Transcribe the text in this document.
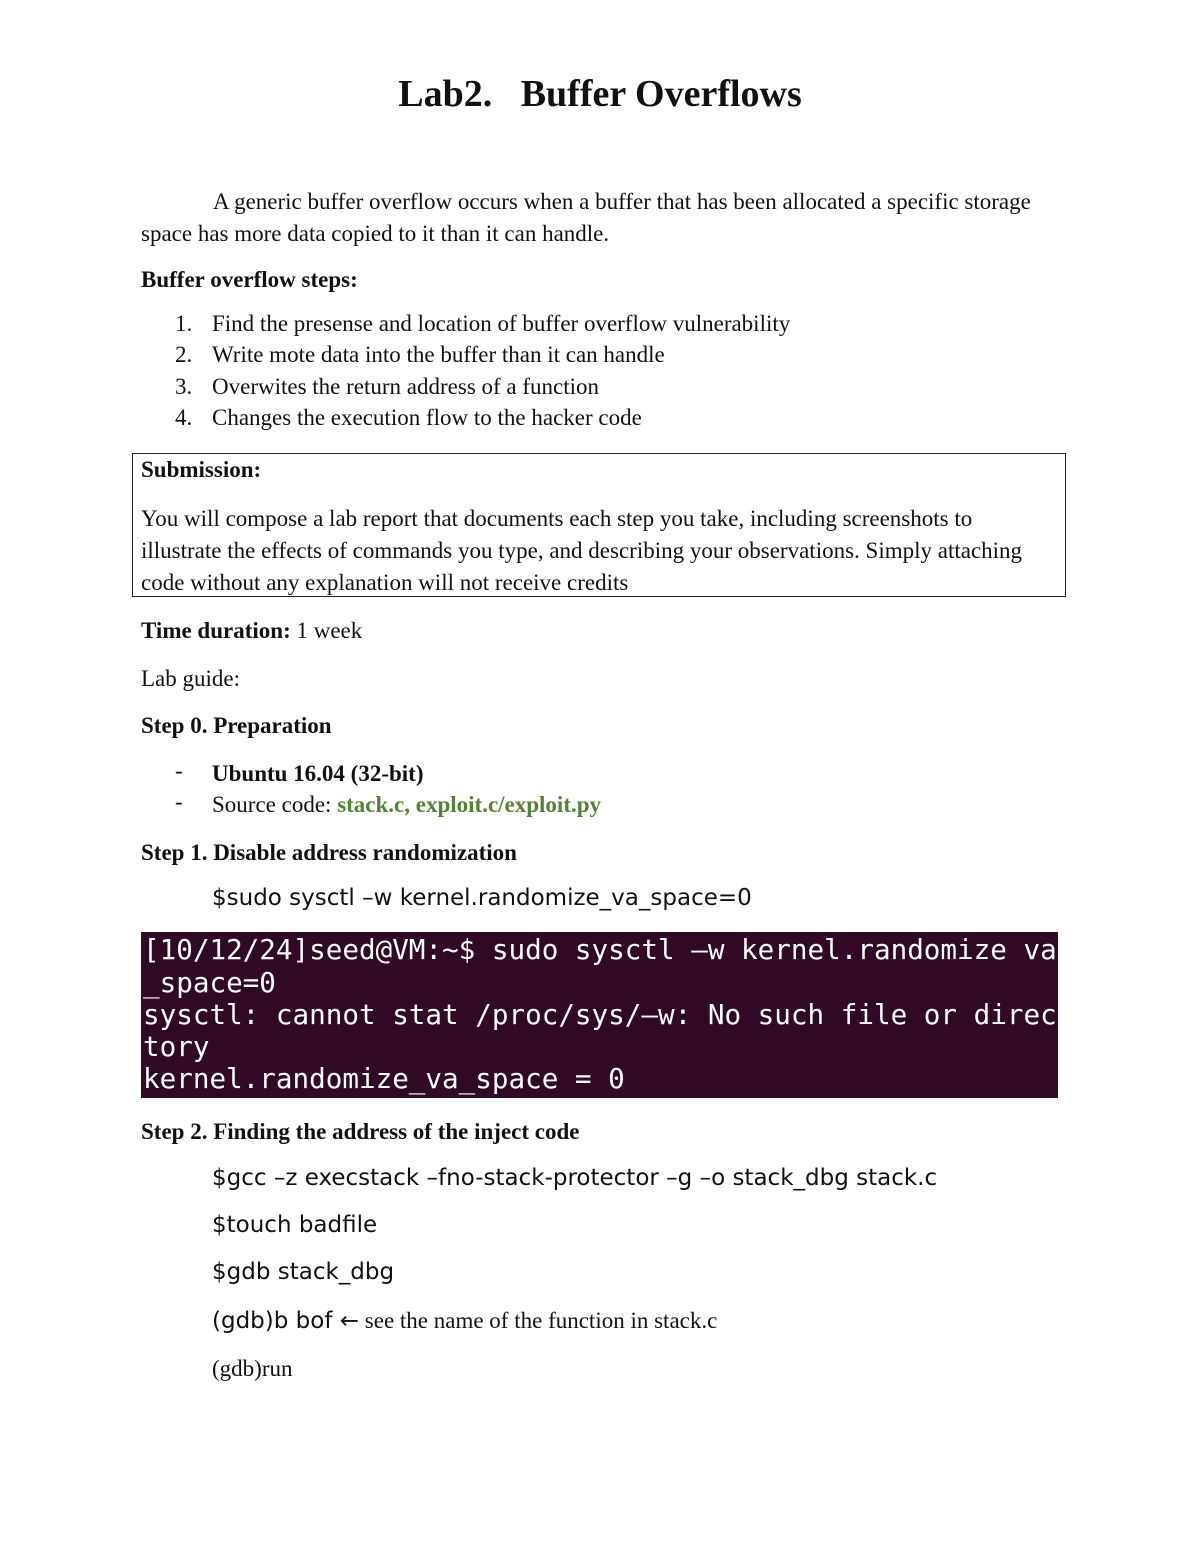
Lab2.   Buffer Overflows
A generic buffer overflow occurs when a buffer that has been allocated a specific storage space has more data copied to it than it can handle.
Buffer overflow steps:
1. Find the presense and location of buffer overflow vulnerability
2. Write mote data into the buffer than it can handle
3. Overwites the return address of a function
4. Changes the execution flow to the hacker code
Submission:
You will compose a lab report that documents each step you take, including screenshots to illustrate the effects of commands you type, and describing your observations. Simply attaching code without any explanation will not receive credits
Time duration: 1 week
Lab guide:
Step 0. Preparation
- Ubuntu 16.04 (32-bit)
- Source code: stack.c, exploit.c/exploit.py
Step 1. Disable address randomization
$sudo sysctl –w kernel.randomize_va_space=0
[10/12/24]seed@VM:~$ sudo sysctl –w kernel.randomize va
_space=0
sysctl: cannot stat /proc/sys/–w: No such file or direc
tory
kernel.randomize_va_space = 0
Step 2. Finding the address of the inject code
$gcc –z execstack –fno-stack-protector –g –o stack_dbg stack.c
$touch badfile
$gdb stack_dbg
(gdb)b bof ← see the name of the function in stack.c
(gdb)run
